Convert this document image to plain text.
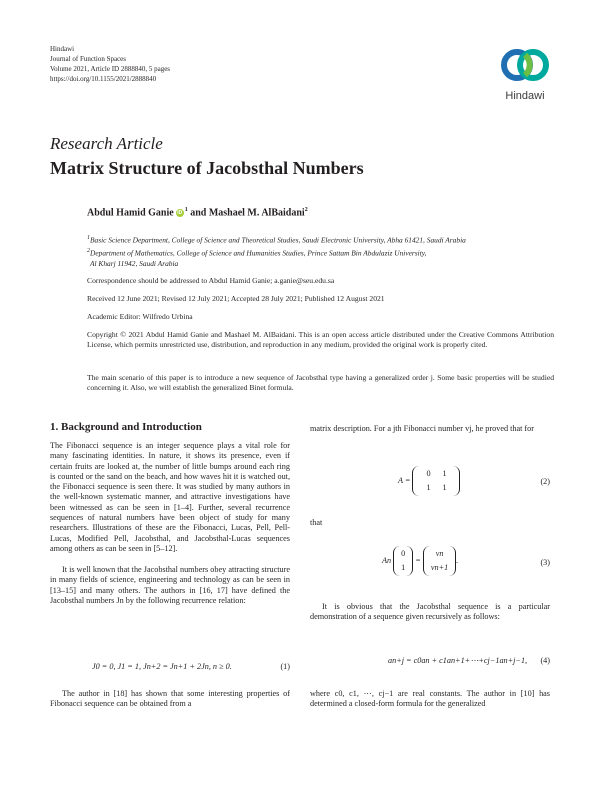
Hindawi
Journal of Function Spaces
Volume 2021, Article ID 2888840, 5 pages
https://doi.org/10.1155/2021/2888840
Hindawi
Research Article
Matrix Structure of Jacobsthal Numbers
Abdul Hamid Ganie $iD^1$ and Mashael M. AlBaidani$^2$
$^1$Basic Science Department, College of Science and Theoretical Studies, Saudi Electronic University, Abha 61421, Saudi Arabia
$^2$Department of Mathematics, College of Science and Humanities Studies, Prince Sattam Bin Abdulaziz University,
Al Kharj 11942, Saudi Arabia
Correspondence should be addressed to Abdul Hamid Ganie; a.ganie@seu.edu.sa
Received 12 June 2021; Revised 12 July 2021; Accepted 28 July 2021; Published 12 August 2021
Academic Editor: Wilfredo Urbina
Copyright © 2021 Abdul Hamid Ganie and Mashael M. AlBaidani. This is an open access article distributed under the Creative Commons Attribution License, which permits unrestricted use, distribution, and reproduction in any medium, provided the original work is properly cited.
The main scenario of this paper is to introduce a new sequence of Jacobsthal type having a generalized order j. Some basic properties will be studied concerning it. Also, we will establish the generalized Binet formula.
1. Background and Introduction
The Fibonacci sequence is an integer sequence plays a vital role for many fascinating identities. In nature, it shows its presence, even if certain fruits are looked at, the number of little bumps around each ring is counted or the sand on the beach, and how waves hit it is watched out, the Fibonacci sequence is seen there. It was studied by many authors in the well-known systematic manner, and attractive investigations have been witnessed as can be seen in [1–4]. Further, several recurrence sequences of natural numbers have been object of study for many researchers. Illustrations of these are the Fibonacci, Lucas, Pell, Pell-Lucas, Modified Pell, Jacobsthal, and Jacobsthal-Lucas sequences among others as can be seen in [5–12].
It is well known that the Jacobsthal numbers obey attracting structure in many fields of science, engineering and technology as can be seen in [13–15] and many others. The authors in [16, 17] have defined the Jacobsthal numbers Jn by the following recurrence relation:
J0 = 0, J1 = 1, Jn+2 = Jn+1 + 2Jn, n ≥ 0.	(1)
The author in [18] has shown that some interesting properties of Fibonacci sequence can be obtained from a
matrix description. For a jth Fibonacci number vj, he proved that for
A =
0 1
1 1
(2)
that
An
0
1
=
vn
vn+1
.	(3)
It is obvious that the Jacobsthal sequence is a particular demonstration of a sequence given recursively as follows:
an+j = c0an + c1an+1+⋯+cj−1an+j−1, (4)
where c0, c1, ⋯, cj−1 are real constants. The author in [10] has determined a closed-form formula for the generalized
